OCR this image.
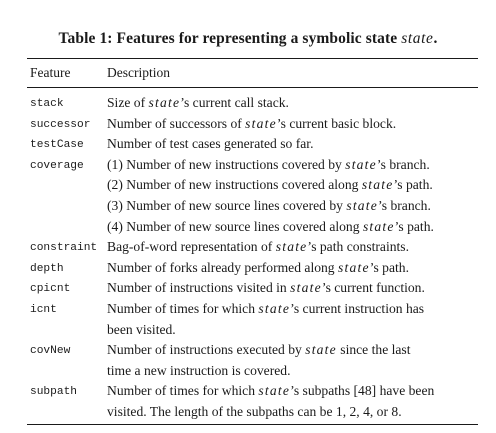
Table 1: Features for representing a symbolic state state.
Feature	Description
stack	Size of state’s current call stack.
successor Number of successors of state’s current basic block.
testCase Number of test cases generated so far.
coverage (1) Number of new instructions covered by state’s branch.
(2) Number of new instructions covered along state’s path.
(3) Number of new source lines covered by state’s branch.
(4) Number of new source lines covered along state’s path.
constraint Bag-of-word representation of state’s path constraints.
depth	Number of forks already performed along state’s path.
cpicnt	Number of instructions visited in state’s current function.
icnt	Number of times for which state’s current instruction has
been visited.
covNew	Number of instructions executed by state since the last
time a new instruction is covered.
subpath Number of times for which state’s subpaths [48] have been
visited. The length of the subpaths can be 1, 2, 4, or 8.
